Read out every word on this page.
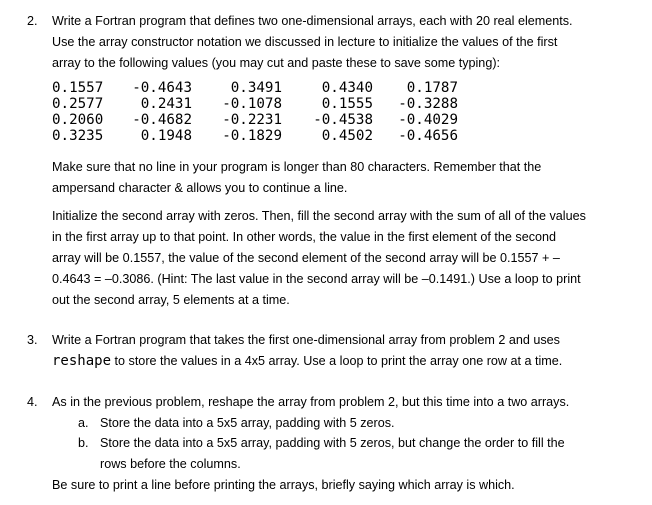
2. Write a Fortran program that defines two one-dimensional arrays, each with 20 real elements.
Use the array constructor notation we discussed in lecture to initialize the values of the first
array to the following values (you may cut and paste these to save some typing):

0.1557	-0.4643	0.3491	0.4340	0.1787
0.2577	0.2431	-0.1078	0.1555	-0.3288
0.2060	-0.4682	-0.2231	-0.4538	-0.4029
0.3235	0.1948	-0.1829	0.4502	-0.4656

Make sure that no line in your program is longer than 80 characters. Remember that the
ampersand character & allows you to continue a line.

Initialize the second array with zeros. Then, fill the second array with the sum of all of the values
in the first array up to that point. In other words, the value in the first element of the second
array will be 0.1557, the value of the second element of the second array will be 0.1557 + –
0.4643 = –0.3086. (Hint: The last value in the second array will be –0.1491.) Use a loop to print
out the second array, 5 elements at a time.

3. Write a Fortran program that takes the first one-dimensional array from problem 2 and uses
reshape to store the values in a 4x5 array. Use a loop to print the array one row at a time.

4. As in the previous problem, reshape the array from problem 2, but this time into a two arrays.

a. Store the data into a 5x5 array, padding with 5 zeros.
b. Store the data into a 5x5 array, padding with 5 zeros, but change the order to fill the
rows before the columns.

Be sure to print a line before printing the arrays, briefly saying which array is which.
